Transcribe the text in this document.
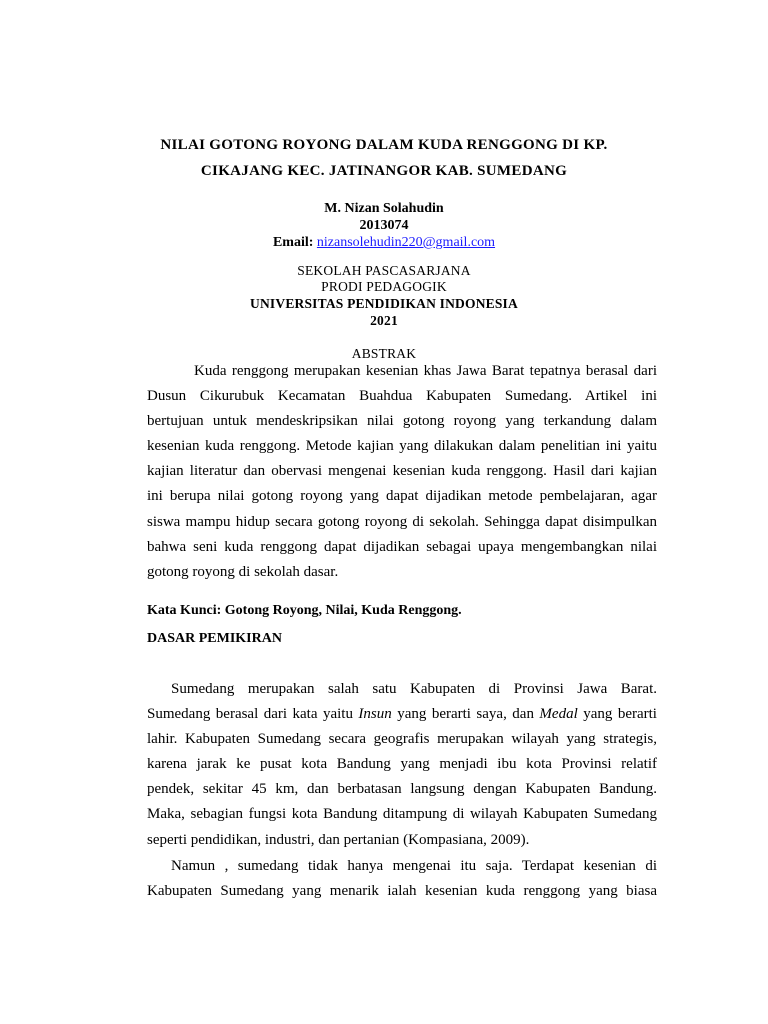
NILAI GOTONG ROYONG DALAM KUDA RENGGONG DI KP.
CIKAJANG KEC. JATINANGOR KAB. SUMEDANG
M. Nizan Solahudin
2013074
Email: nizansolehudin220@gmail.com
SEKOLAH PASCASARJANA
PRODI PEDAGOGIK
UNIVERSITAS PENDIDIKAN INDONESIA
2021
ABSTRAK
Kuda renggong merupakan kesenian khas Jawa Barat tepatnya berasal dari
Dusun Cikurubuk Kecamatan Buahdua Kabupaten Sumedang. Artikel ini
bertujuan untuk mendeskripsikan nilai gotong royong yang terkandung dalam
kesenian kuda renggong. Metode kajian yang dilakukan dalam penelitian ini yaitu
kajian literatur dan obervasi mengenai kesenian kuda renggong. Hasil dari kajian
ini berupa nilai gotong royong yang dapat dijadikan metode pembelajaran, agar
siswa mampu hidup secara gotong royong di sekolah. Sehingga dapat disimpulkan
bahwa seni kuda renggong dapat dijadikan sebagai upaya mengembangkan nilai
gotong royong di sekolah dasar.
Kata Kunci: Gotong Royong, Nilai, Kuda Renggong.
DASAR PEMIKIRAN
Sumedang merupakan salah satu Kabupaten di Provinsi Jawa Barat.
Sumedang berasal dari kata yaitu Insun yang berarti saya, dan Medal yang berarti
lahir. Kabupaten Sumedang secara geografis merupakan wilayah yang strategis,
karena jarak ke pusat kota Bandung yang menjadi ibu kota Provinsi relatif
pendek, sekitar 45 km, dan berbatasan langsung dengan Kabupaten Bandung.
Maka, sebagian fungsi kota Bandung ditampung di wilayah Kabupaten Sumedang
seperti pendidikan, industri, dan pertanian (Kompasiana, 2009).
Namun , sumedang tidak hanya mengenai itu saja. Terdapat kesenian di
Kabupaten Sumedang yang menarik ialah kesenian kuda renggong yang biasa
